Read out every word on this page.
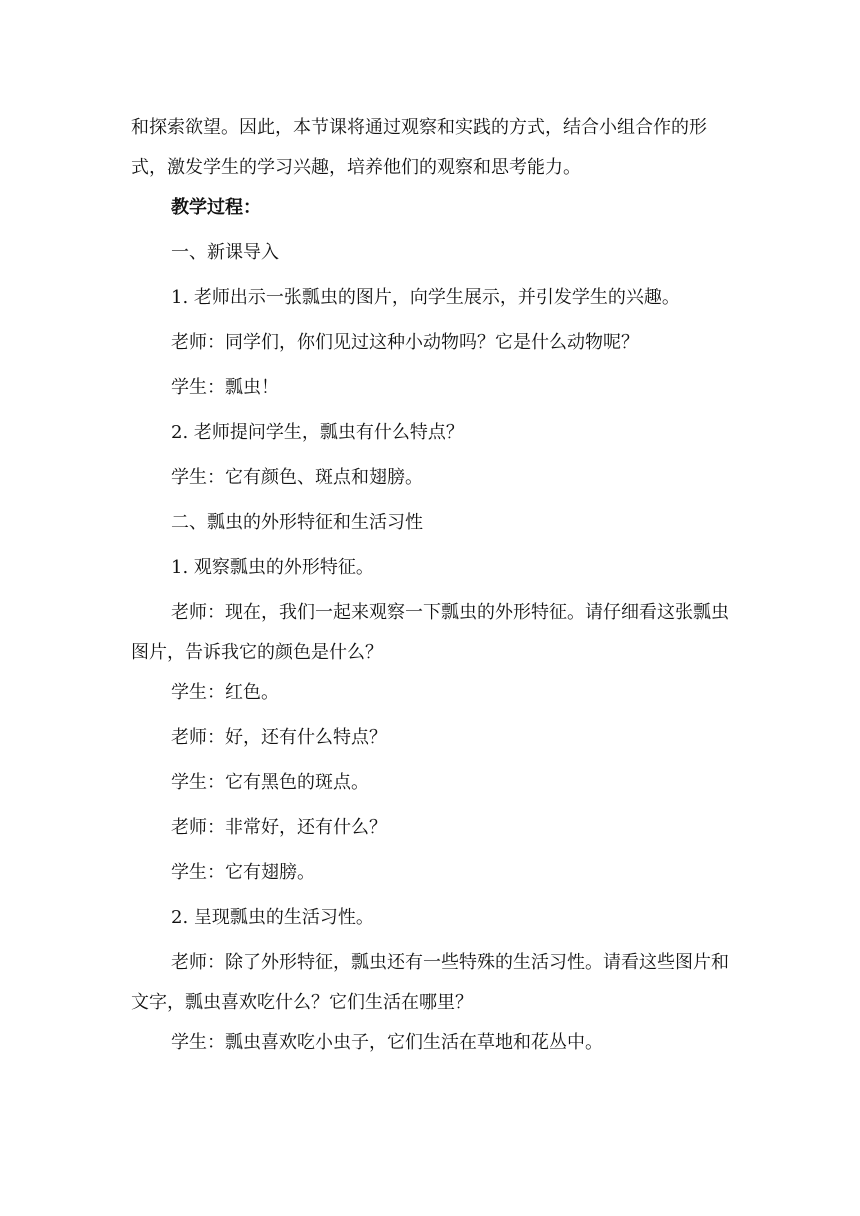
和探索欲望。因此，本节课将通过观察和实践的方式，结合小组合作的形式，激发学生的学习兴趣，培养他们的观察和思考能力。

教学过程：

一、新课导入

1. 老师出示一张瓢虫的图片，向学生展示，并引发学生的兴趣。

老师：同学们，你们见过这种小动物吗？它是什么动物呢？

学生：瓢虫！

2. 老师提问学生，瓢虫有什么特点？

学生：它有颜色、斑点和翅膀。

二、瓢虫的外形特征和生活习性

1. 观察瓢虫的外形特征。

老师：现在，我们一起来观察一下瓢虫的外形特征。请仔细看这张瓢虫图片，告诉我它的颜色是什么？

学生：红色。

老师：好，还有什么特点？

学生：它有黑色的斑点。

老师：非常好，还有什么？

学生：它有翅膀。

2. 呈现瓢虫的生活习性。

老师：除了外形特征，瓢虫还有一些特殊的生活习性。请看这些图片和文字，瓢虫喜欢吃什么？它们生活在哪里？

学生：瓢虫喜欢吃小虫子，它们生活在草地和花丛中。
